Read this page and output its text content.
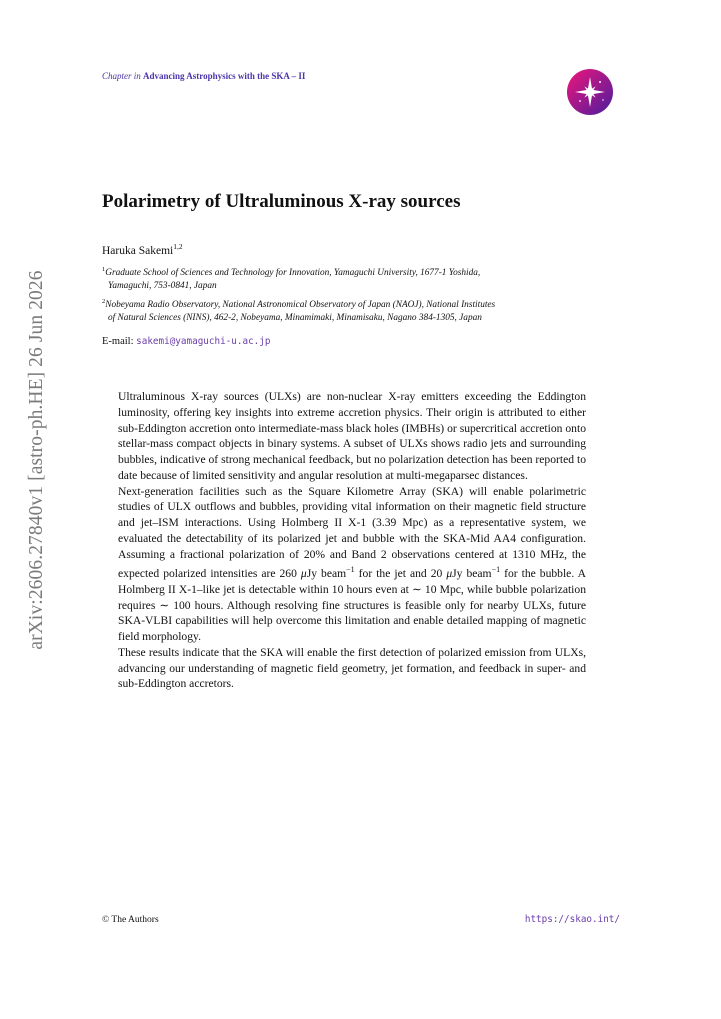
Chapter in Advancing Astrophysics with the SKA – II
arXiv:2606.27840v1 [astro-ph.HE] 26 Jun 2026
Polarimetry of Ultraluminous X-ray sources
Haruka Sakemi$^{1,2}$
$^1$Graduate School of Sciences and Technology for Innovation, Yamaguchi University, 1677-1 Yoshida,
Yamaguchi, 753-0841, Japan
$^2$Nobeyama Radio Observatory, National Astronomical Observatory of Japan (NAOJ), National Institutes
of Natural Sciences (NINS), 462-2, Nobeyama, Minamimaki, Minamisaku, Nagano 384-1305, Japan
E-mail: sakemi@yamaguchi-u.ac.jp

Ultraluminous X-ray sources (ULXs) are non-nuclear X-ray emitters exceeding the Eddington luminosity, offering key insights into extreme accretion physics. Their origin is attributed to either sub-Eddington accretion onto intermediate-mass black holes (IMBHs) or supercritical accretion onto stellar-mass compact objects in binary systems. A subset of ULXs shows radio jets and surrounding bubbles, indicative of strong mechanical feedback, but no polarization detection has been reported to date because of limited sensitivity and angular resolution at multi-megaparsec distances.

Next-generation facilities such as the Square Kilometre Array (SKA) will enable polarimetric studies of ULX outflows and bubbles, providing vital information on their magnetic field structure and jet–ISM interactions. Using Holmberg II X-1 (3.39 Mpc) as a representative system, we evaluated the detectability of its polarized jet and bubble with the SKA-Mid AA4 configuration. Assuming a fractional polarization of 20% and Band 2 observations centered at 1310 MHz, the expected polarized intensities are 260 μJy beam$^{-1}$ for the jet and 20 μJy beam$^{-1}$ for the bubble. A Holmberg II X-1–like jet is detectable within 10 hours even at ∼ 10 Mpc, while bubble polarization requires ∼ 100 hours. Although resolving fine structures is feasible only for nearby ULXs, future SKA-VLBI capabilities will help overcome this limitation and enable detailed mapping of magnetic field morphology.

These results indicate that the SKA will enable the first detection of polarized emission from ULXs, advancing our understanding of magnetic field geometry, jet formation, and feedback in super- and sub-Eddington accretors.

© The Authors	https://skao.int/
